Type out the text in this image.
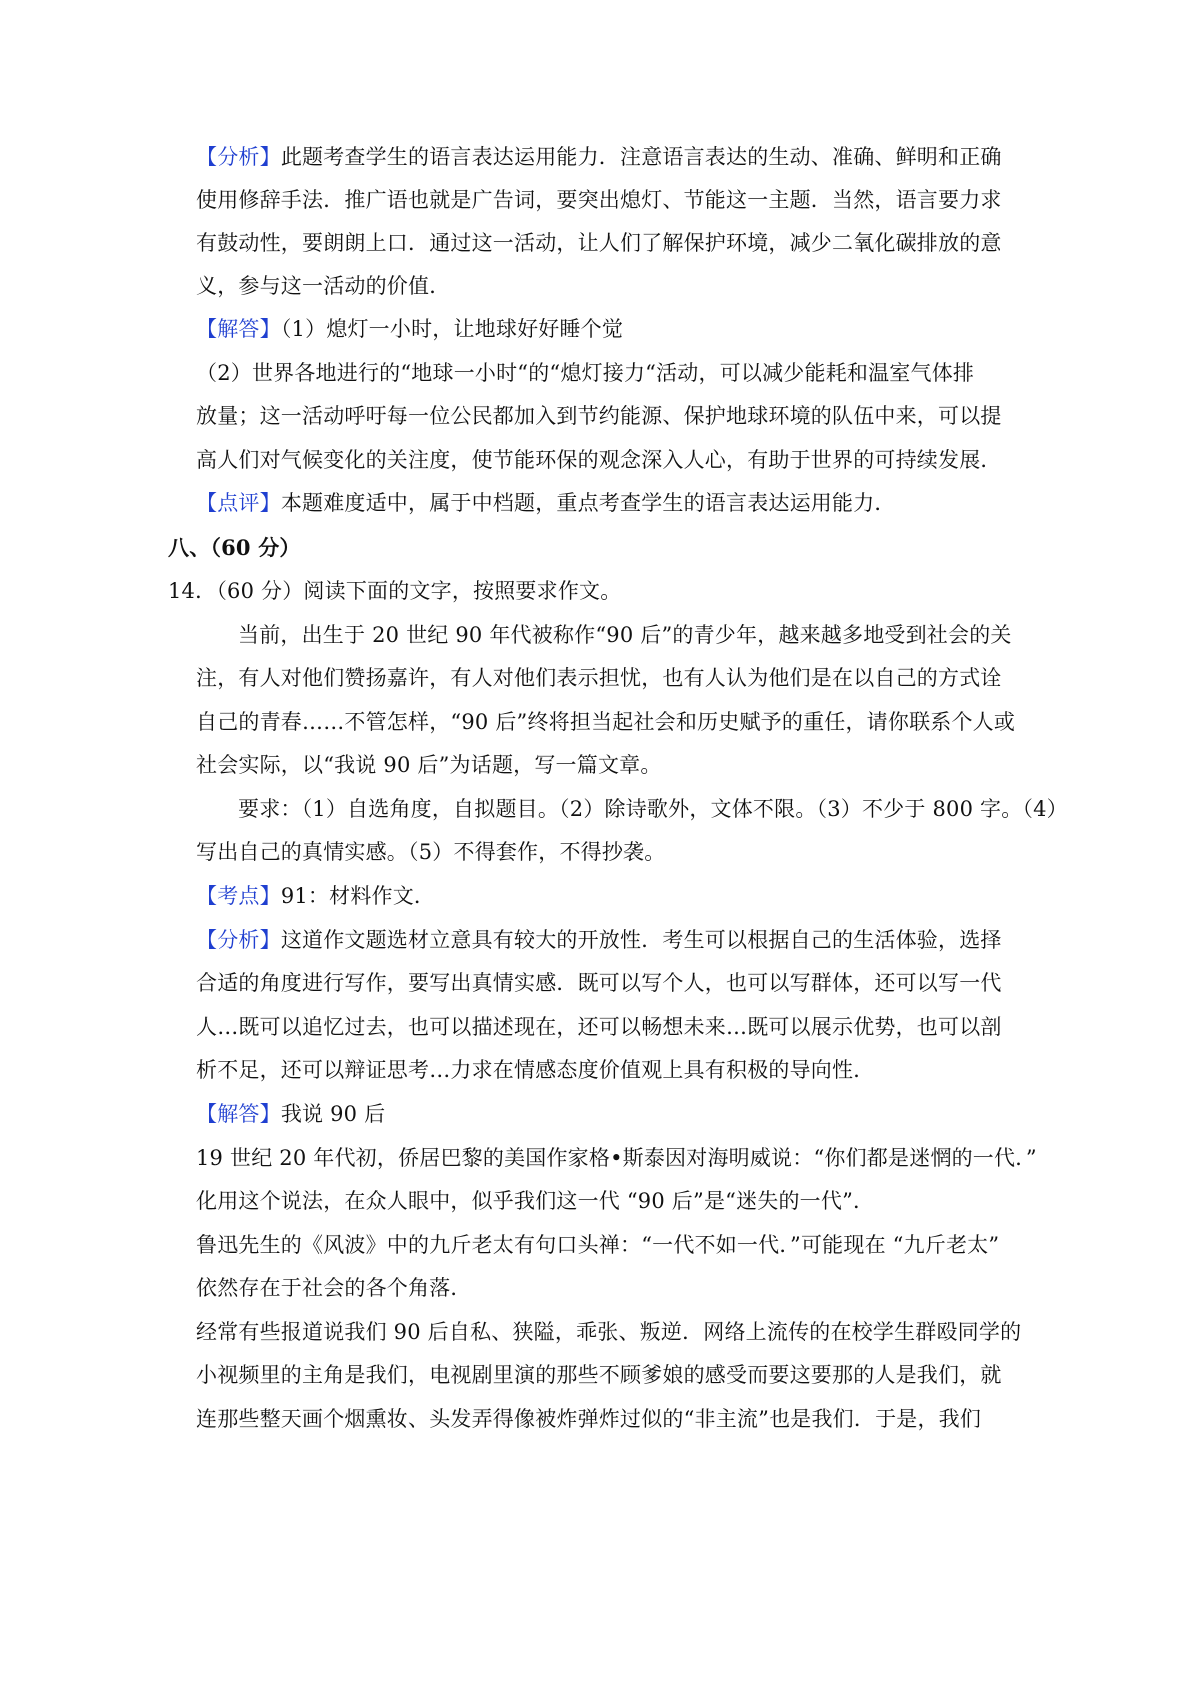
【分析】此题考查学生的语言表达运用能力．注意语言表达的生动、准确、鲜明和正确
使用修辞手法．推广语也就是广告词，要突出熄灯、节能这一主题．当然，语言要力求
有鼓动性，要朗朗上口．通过这一活动，让人们了解保护环境，减少二氧化碳排放的意
义，参与这一活动的价值．
【解答】（1）熄灯一小时，让地球好好睡个觉
（2）世界各地进行的“地球一小时“的“熄灯接力“活动，可以减少能耗和温室气体排
放量；这一活动呼吁每一位公民都加入到节约能源、保护地球环境的队伍中来，可以提
高人们对气候变化的关注度，使节能环保的观念深入人心，有助于世界的可持续发展．
【点评】本题难度适中，属于中档题，重点考查学生的语言表达运用能力．
八、（60 分）
14．（60 分）阅读下面的文字，按照要求作文。
当前，出生于 20 世纪 90 年代被称作“90 后”的青少年，越来越多地受到社会的关
注，有人对他们赞扬嘉许，有人对他们表示担忧，也有人认为他们是在以自己的方式诠
自己的青春……不管怎样，“90 后”终将担当起社会和历史赋予的重任，请你联系个人或
社会实际，以“我说 90 后”为话题，写一篇文章。
要求：（1）自选角度，自拟题目。（2）除诗歌外，文体不限。（3）不少于 800 字。（4）
写出自己的真情实感。（5）不得套作，不得抄袭。
【考点】91：材料作文．
【分析】这道作文题选材立意具有较大的开放性．考生可以根据自己的生活体验，选择
合适的角度进行写作，要写出真情实感．既可以写个人，也可以写群体，还可以写一代
人…既可以追忆过去，也可以描述现在，还可以畅想未来…既可以展示优势，也可以剖
析不足，还可以辩证思考…力求在情感态度价值观上具有积极的导向性．
【解答】我说 90 后
19 世纪 20 年代初，侨居巴黎的美国作家格•斯泰因对海明威说：“你们都是迷惘的一代．”
化用这个说法，在众人眼中，似乎我们这一代 “90 后”是“迷失的一代”．
鲁迅先生的《风波》中的九斤老太有句口头禅：“一代不如一代．”可能现在 “九斤老太”
依然存在于社会的各个角落．
经常有些报道说我们 90 后自私、狭隘，乖张、叛逆．网络上流传的在校学生群殴同学的
小视频里的主角是我们，电视剧里演的那些不顾爹娘的感受而要这要那的人是我们，就
连那些整天画个烟熏妆、头发弄得像被炸弹炸过似的“非主流”也是我们．于是，我们
